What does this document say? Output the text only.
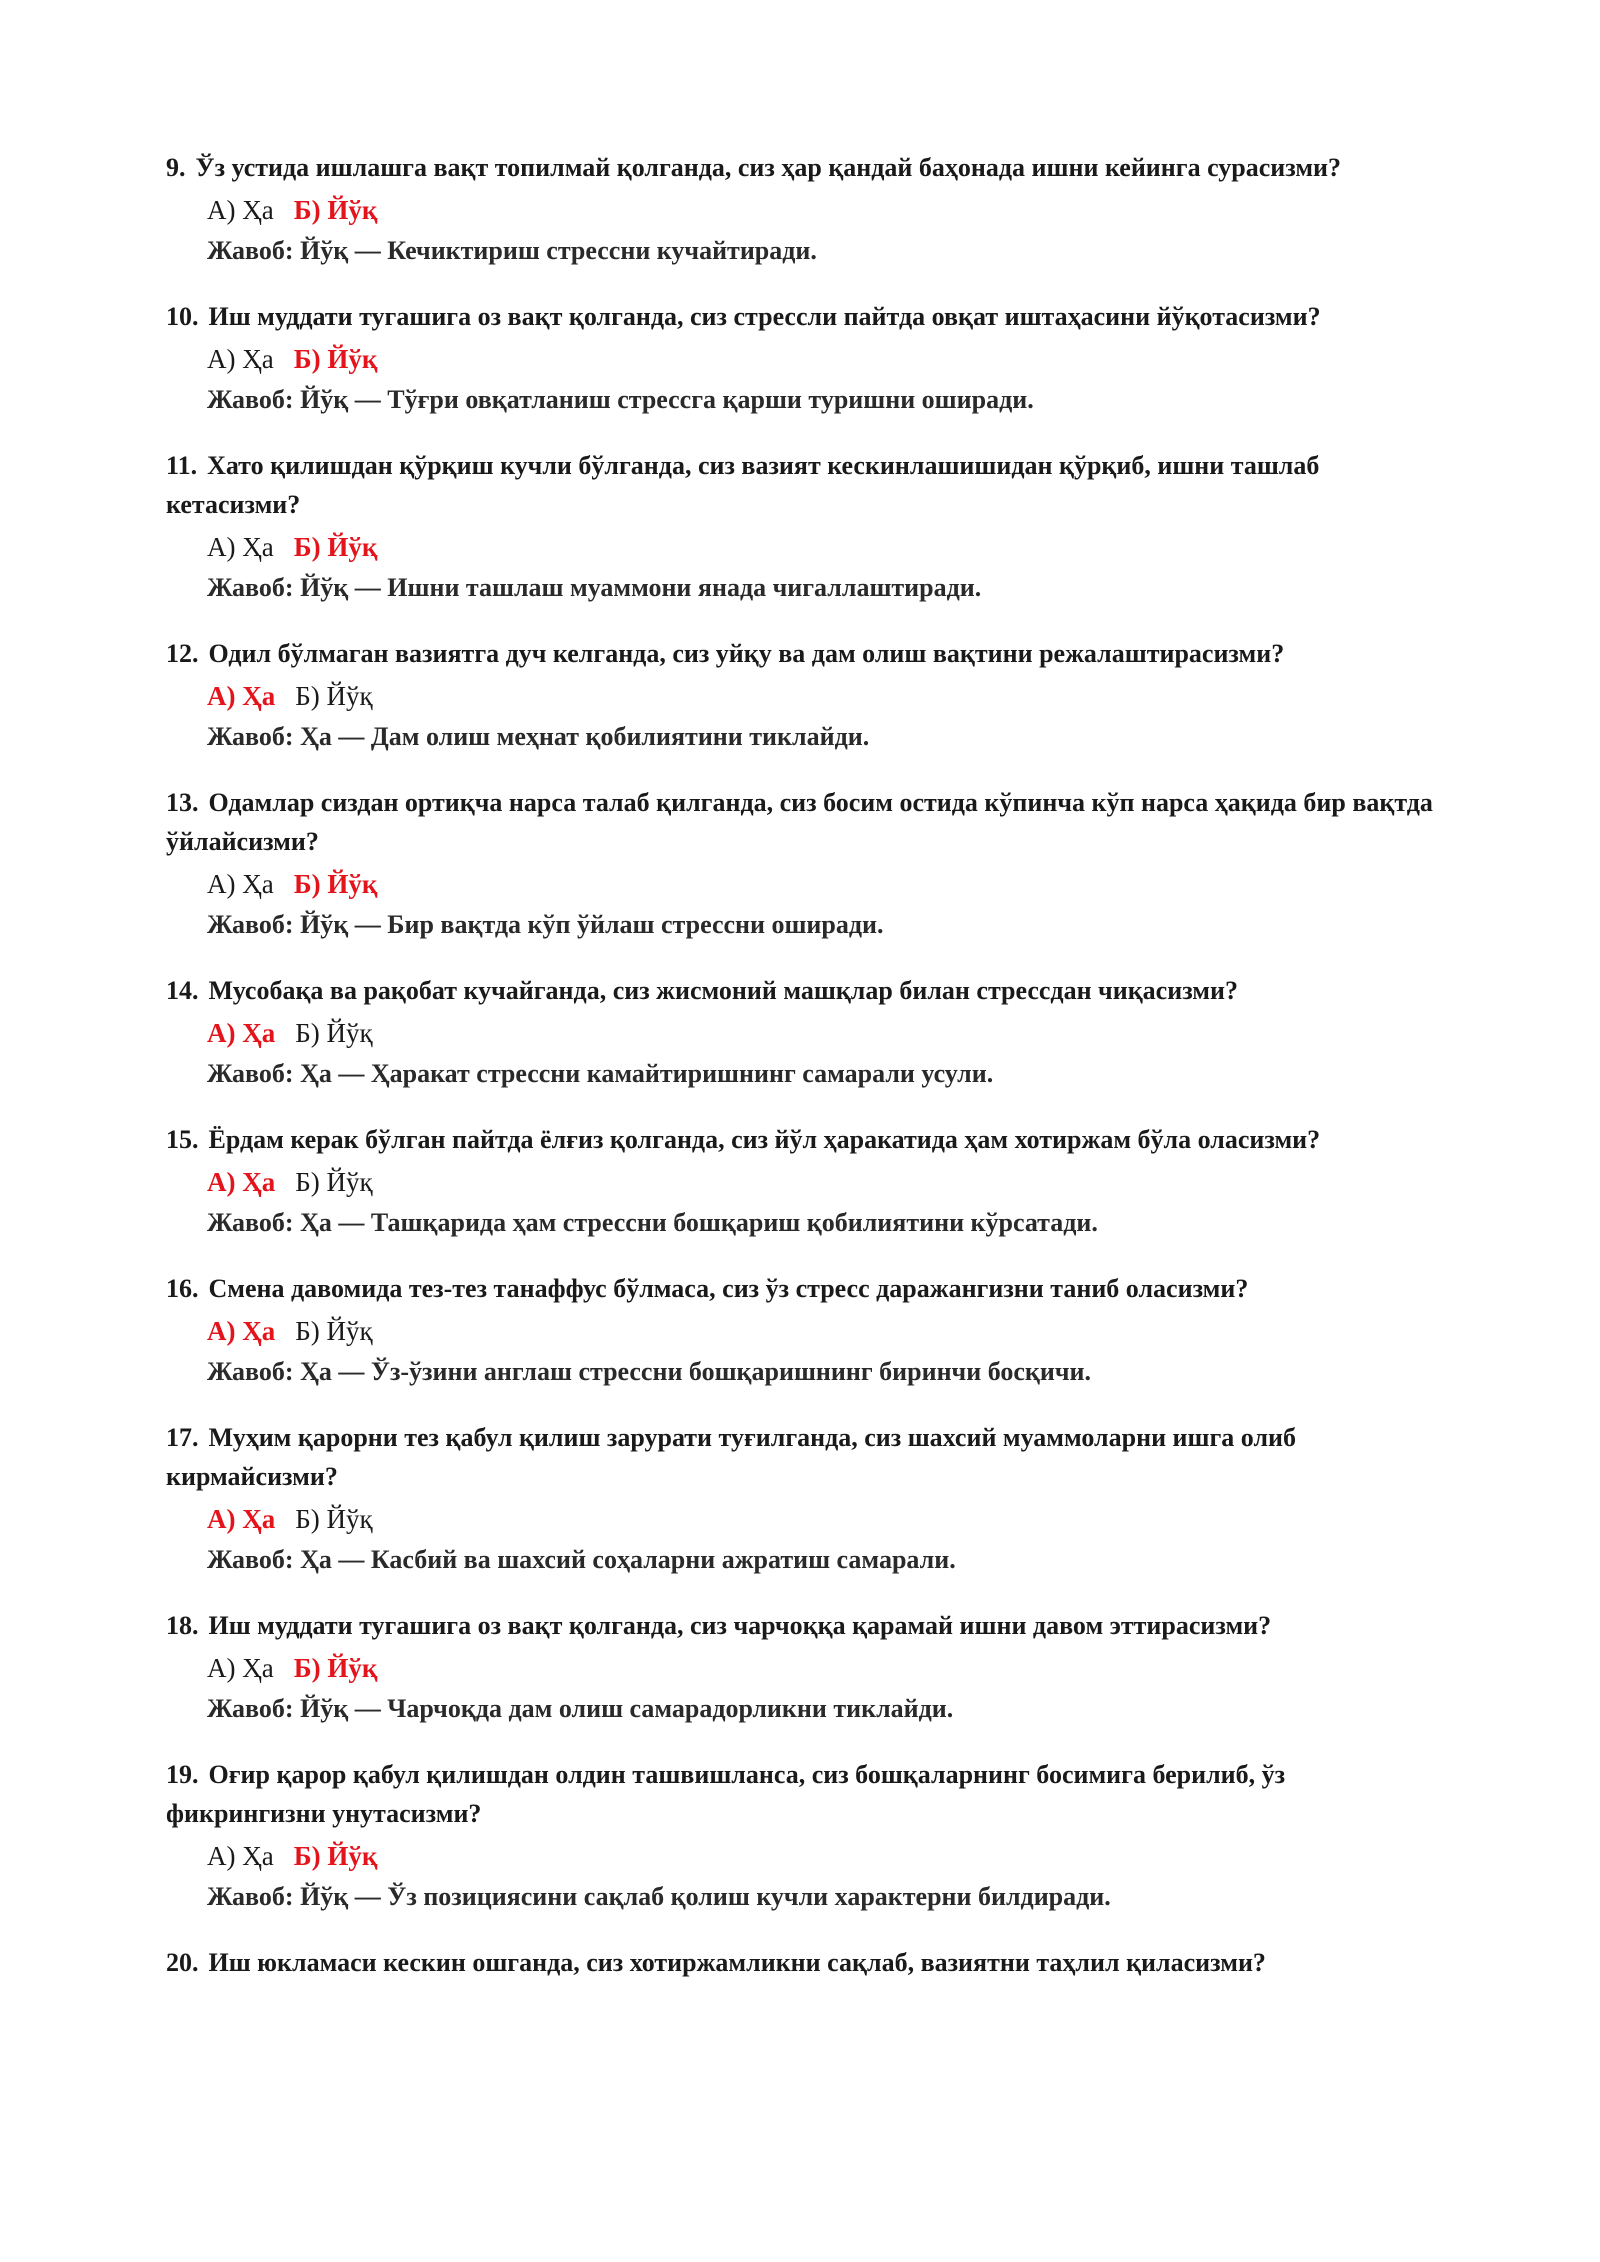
9. Ўз устида ишлашга вақт топилмай қолганда, сиз ҳар қандай баҳонада ишни кейинга сурасизми?

А) Ҳа Б) Йўқ
Жавоб: Йўқ — Кечиктириш стрессни кучайтиради.

10. Иш муддати тугашига оз вақт қолганда, сиз стрессли пайтда овқат иштаҳасини йўқотасизми?

А) Ҳа Б) Йўқ
Жавоб: Йўқ — Тўғри овқатланиш стрессга қарши туришни оширади.

11. Хато қилишдан қўрқиш кучли бўлганда, сиз вазият кескинлашишидан қўрқиб, ишни ташлаб кетасизми?

А) Ҳа Б) Йўқ
Жавоб: Йўқ — Ишни ташлаш муаммони янада чигаллаштиради.

12. Одил бўлмаган вазиятга дуч келганда, сиз уйқу ва дам олиш вақтини режалаштирасизми?

А) Ҳа Б) Йўқ
Жавоб: Ҳа — Дам олиш меҳнат қобилиятини тиклайди.

13. Одамлар сиздан ортиқча нарса талаб қилганда, сиз босим остида кўпинча кўп нарса ҳақида бир вақтда ўйлайсизми?

А) Ҳа Б) Йўқ
Жавоб: Йўқ — Бир вақтда кўп ўйлаш стрессни оширади.

14. Мусобақа ва рақобат кучайганда, сиз жисмоний машқлар билан стрессдан чиқасизми?

А) Ҳа Б) Йўқ
Жавоб: Ҳа — Ҳаракат стрессни камайтиришнинг самарали усули.

15. Ёрдам керак бўлган пайтда ёлғиз қолганда, сиз йўл ҳаракатида ҳам хотиржам бўла оласизми?

А) Ҳа Б) Йўқ
Жавоб: Ҳа — Ташқарида ҳам стрессни бошқариш қобилиятини кўрсатади.

16. Смена давомида тез-тез танаффус бўлмаса, сиз ўз стресс даражангизни таниб оласизми?

А) Ҳа Б) Йўқ
Жавоб: Ҳа — Ўз-ўзини англаш стрессни бошқаришнинг биринчи босқичи.

17. Муҳим қарорни тез қабул қилиш зарурати туғилганда, сиз шахсий муаммоларни ишга олиб кирмайсизми?

А) Ҳа Б) Йўқ
Жавоб: Ҳа — Касбий ва шахсий соҳаларни ажратиш самарали.

18. Иш муддати тугашига оз вақт қолганда, сиз чарчоққа қарамай ишни давом эттирасизми?

А) Ҳа Б) Йўқ
Жавоб: Йўқ — Чарчоқда дам олиш самарадорликни тиклайди.

19. Оғир қарор қабул қилишдан олдин ташвишланса, сиз бошқаларнинг босимига берилиб, ўз фикрингизни унутасизми?

А) Ҳа Б) Йўқ
Жавоб: Йўқ — Ўз позициясини сақлаб қолиш кучли характерни билдиради.

20. Иш юкламаси кескин ошганда, сиз хотиржамликни сақлаб, вазиятни таҳлил қиласизми?
